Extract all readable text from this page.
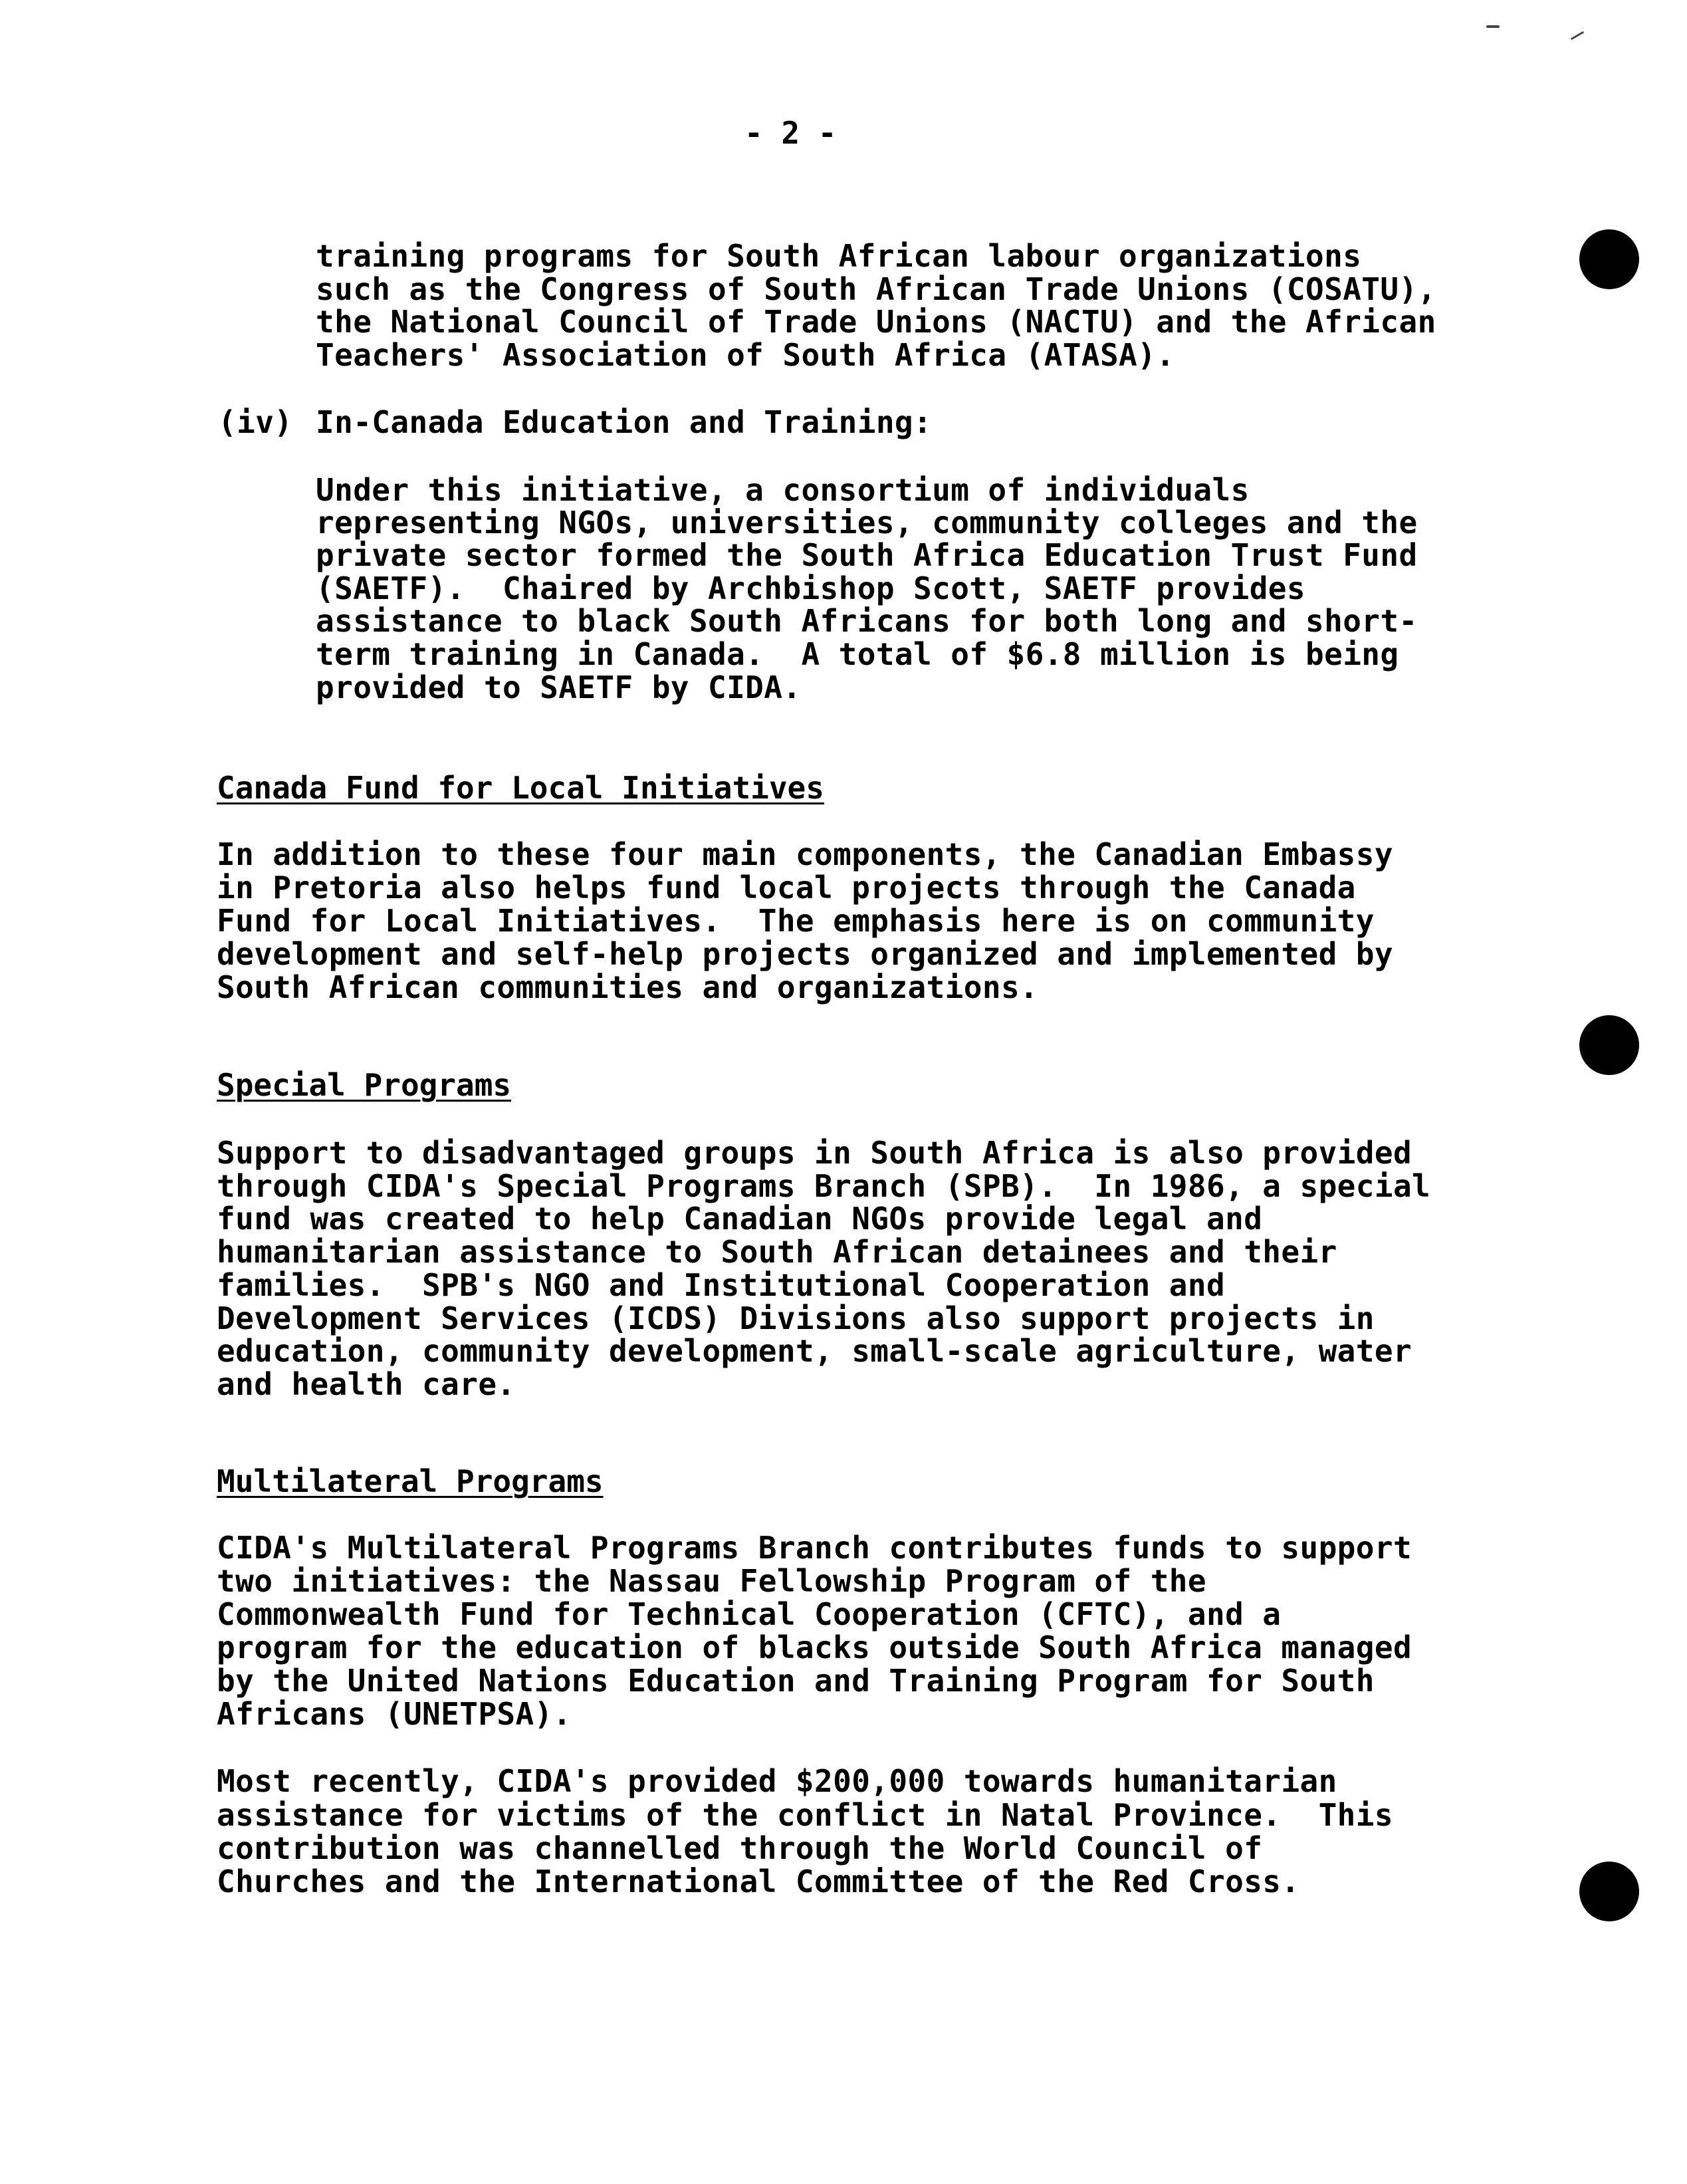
- 2 -
training programs for South African labour organizations
such as the Congress of South African Trade Unions (COSATU),
the National Council of Trade Unions (NACTU) and the African
Teachers' Association of South Africa (ATASA).
(iv) In-Canada Education and Training:
Under this initiative, a consortium of individuals
representing NGOs, universities, community colleges and the
private sector formed the South Africa Education Trust Fund
(SAETF).  Chaired by Archbishop Scott, SAETF provides
assistance to black South Africans for both long and short-
term training in Canada.  A total of $6.8 million is being
provided to SAETF by CIDA.
Canada Fund for Local Initiatives
In addition to these four main components, the Canadian Embassy
in Pretoria also helps fund local projects through the Canada
Fund for Local Initiatives.  The emphasis here is on community
development and self-help projects organized and implemented by
South African communities and organizations.
Special Programs
Support to disadvantaged groups in South Africa is also provided
through CIDA's Special Programs Branch (SPB).  In 1986, a special
fund was created to help Canadian NGOs provide legal and
humanitarian assistance to South African detainees and their
families.  SPB's NGO and Institutional Cooperation and
Development Services (ICDS) Divisions also support projects in
education, community development, small-scale agriculture, water
and health care.
Multilateral Programs
CIDA's Multilateral Programs Branch contributes funds to support
two initiatives: the Nassau Fellowship Program of the
Commonwealth Fund for Technical Cooperation (CFTC), and a
program for the education of blacks outside South Africa managed
by the United Nations Education and Training Program for South
Africans (UNETPSA).
Most recently, CIDA's provided $200,000 towards humanitarian
assistance for victims of the conflict in Natal Province.  This
contribution was channelled through the World Council of
Churches and the International Committee of the Red Cross.
